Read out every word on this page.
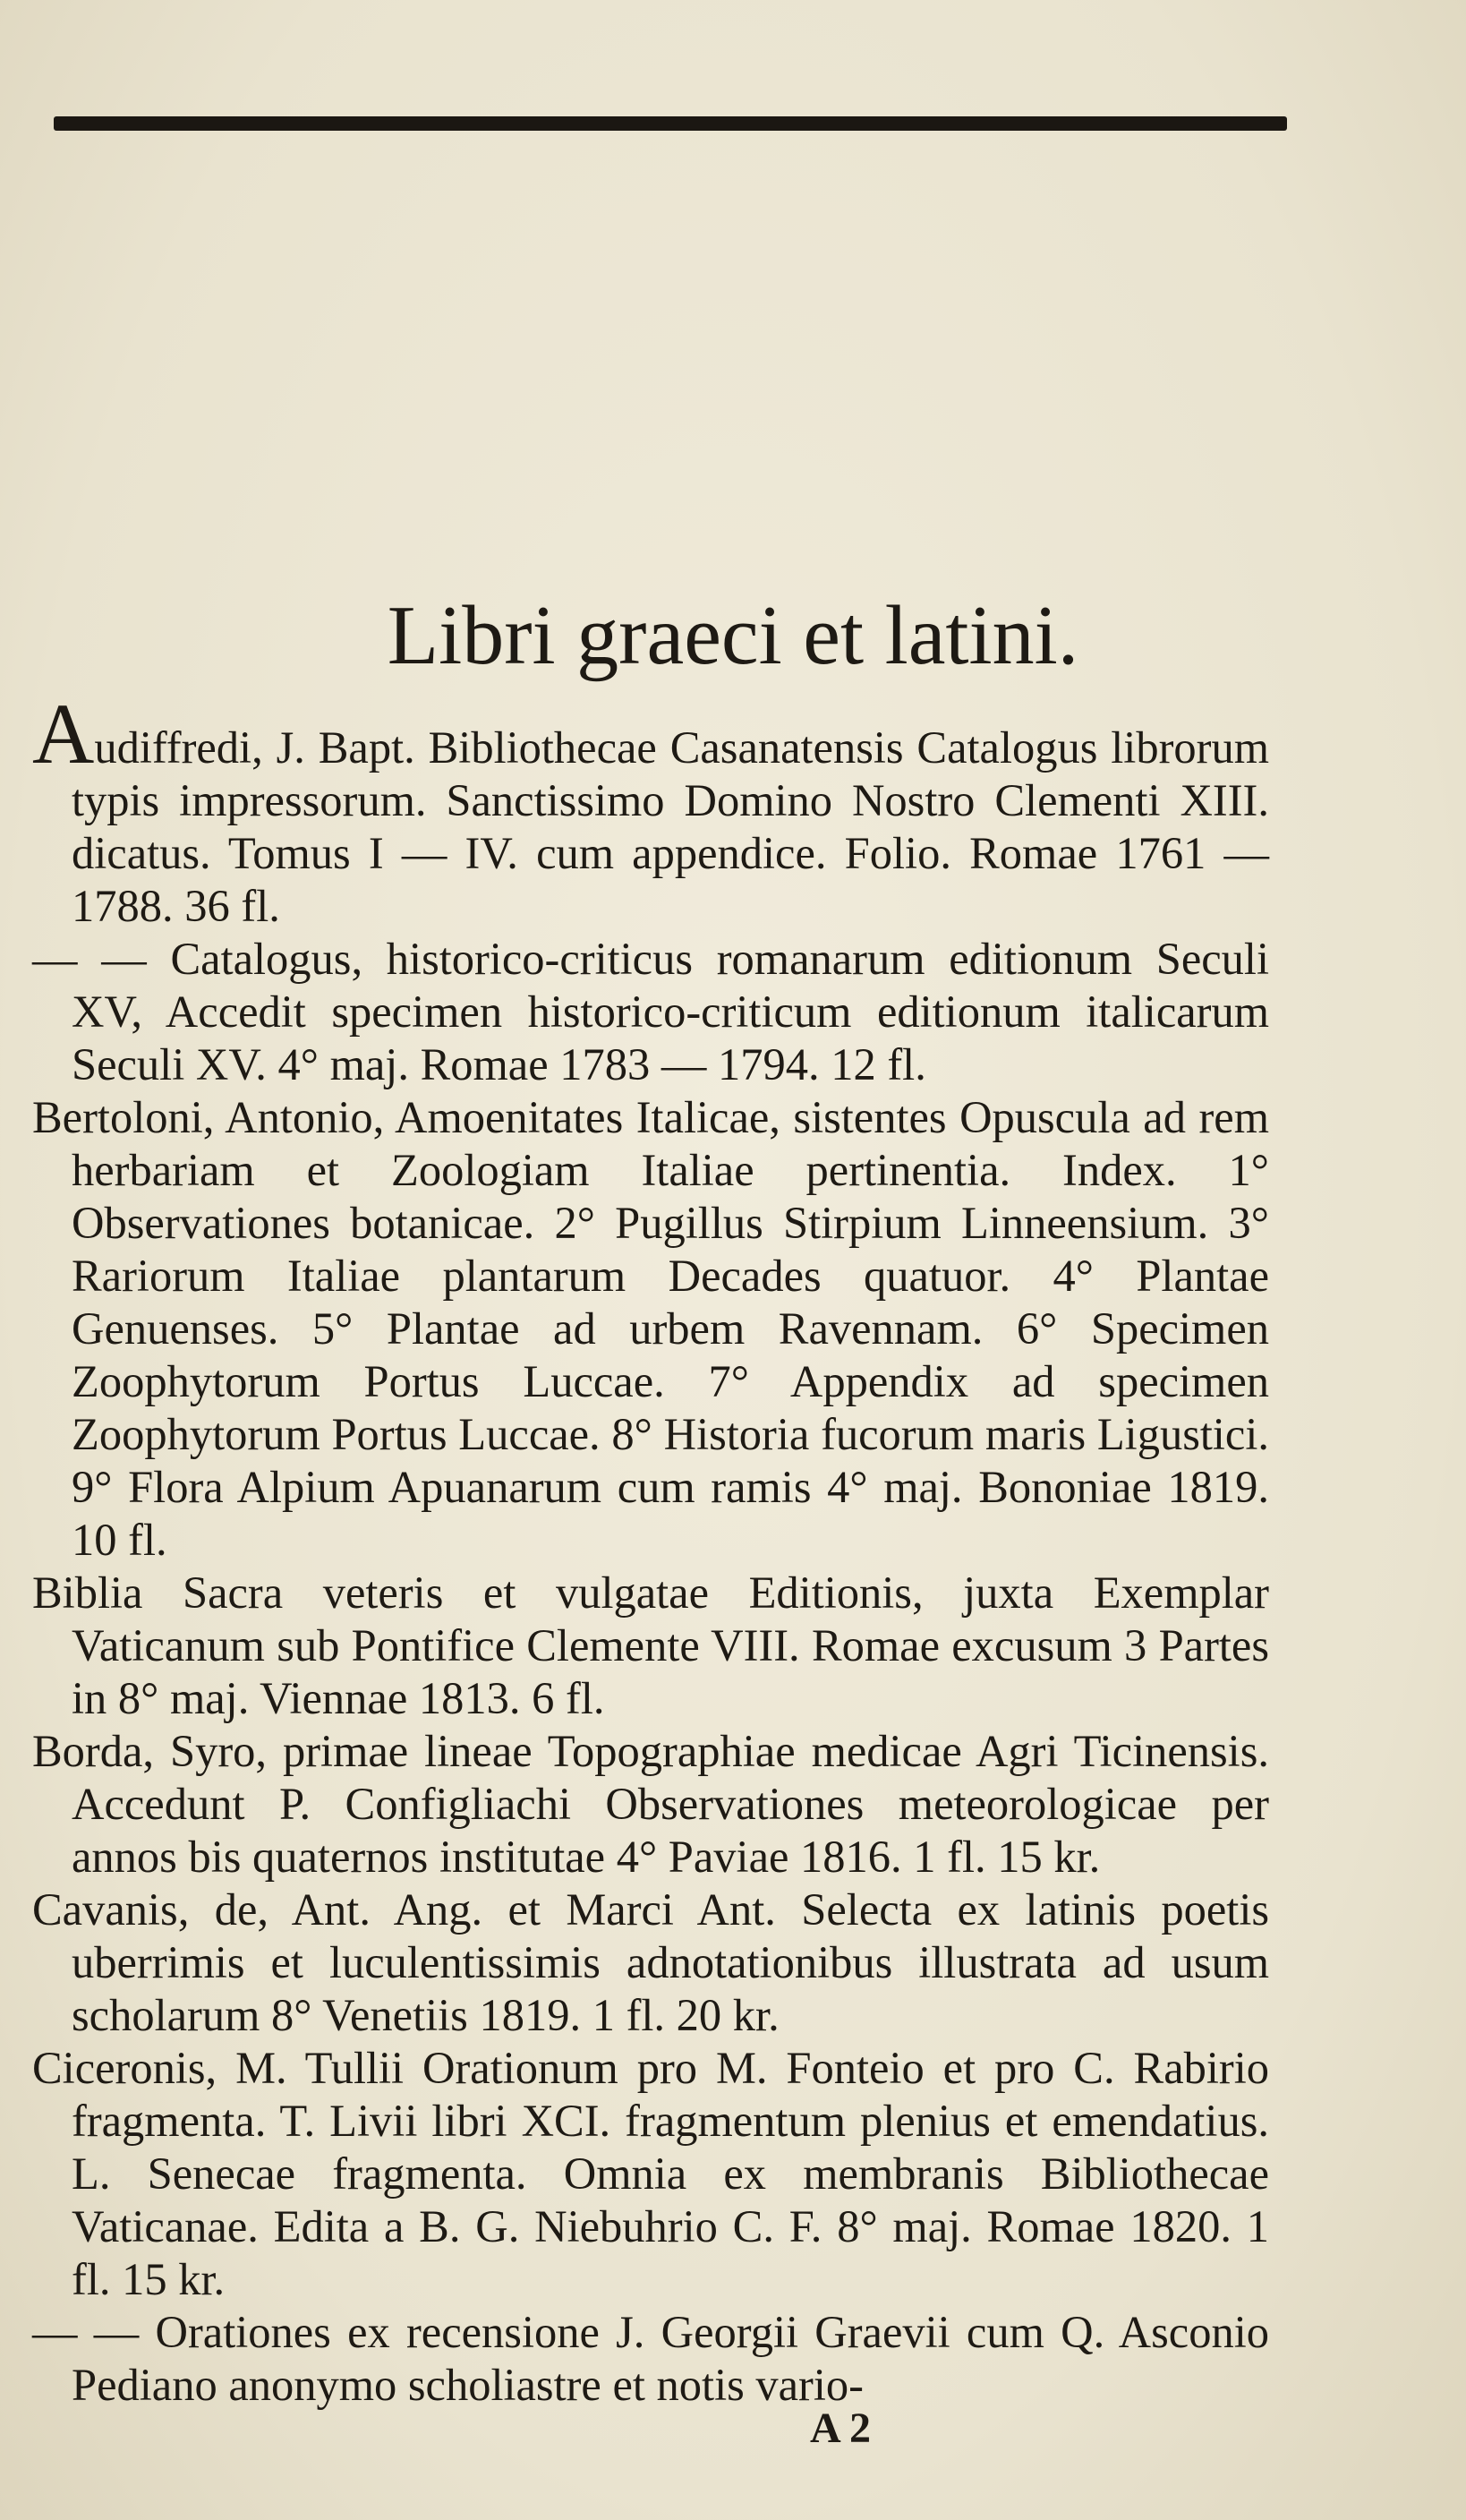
Libri graeci et latini.

Audiffredi, J. Bapt. Bibliothecae Casanatensis Catalogus librorum typis impressorum. Sanctissimo Domino Nostro Clementi XIII. dicatus. Tomus I — IV. cum appendice. Folio. Romae 1761 — 1788. 36 fl.

— — Catalogus, historico-criticus romanarum editionum Seculi XV, Accedit specimen historico-criticum editionum italicarum Seculi XV. 4° maj. Romae 1783 — 1794. 12 fl.

Bertoloni, Antonio, Amoenitates Italicae, sistentes Opuscula ad rem herbariam et Zoologiam Italiae pertinentia. Index. 1° Observationes botanicae. 2° Pugillus Stirpium Linneensium. 3° Rariorum Italiae plantarum Decades quatuor. 4° Plantae Genuenses. 5° Plantae ad urbem Ravennam. 6° Specimen Zoophytorum Portus Luccae. 7° Appendix ad specimen Zoophytorum Portus Luccae. 8° Historia fucorum maris Ligustici. 9° Flora Alpium Apuanarum cum ramis 4° maj. Bononiae 1819. 10 fl.

Biblia Sacra veteris et vulgatae Editionis, juxta Exemplar Vaticanum sub Pontifice Clemente VIII. Romae excusum 3 Partes in 8° maj. Viennae 1813. 6 fl.

Borda, Syro, primae lineae Topographiae medicae Agri Ticinensis. Accedunt P. Configliachi Observationes meteorologicae per annos bis quaternos institutae 4° Paviae 1816. 1 fl. 15 kr.

Cavanis, de, Ant. Ang. et Marci Ant. Selecta ex latinis poetis uberrimis et luculentissimis adnotationibus illustrata ad usum scholarum 8° Venetiis 1819. 1 fl. 20 kr.

Ciceronis, M. Tullii Orationum pro M. Fonteio et pro C. Rabirio fragmenta. T. Livii libri XCI. fragmentum plenius et emendatius. L. Senecae fragmenta. Omnia ex membranis Bibliothecae Vaticanae. Edita a B. G. Niebuhrio C. F. 8° maj. Romae 1820. 1 fl. 15 kr.

— — Orationes ex recensione J. Georgii Graevii cum Q. Asconio Pediano anonymo scholiastre et notis vario-

A 2
